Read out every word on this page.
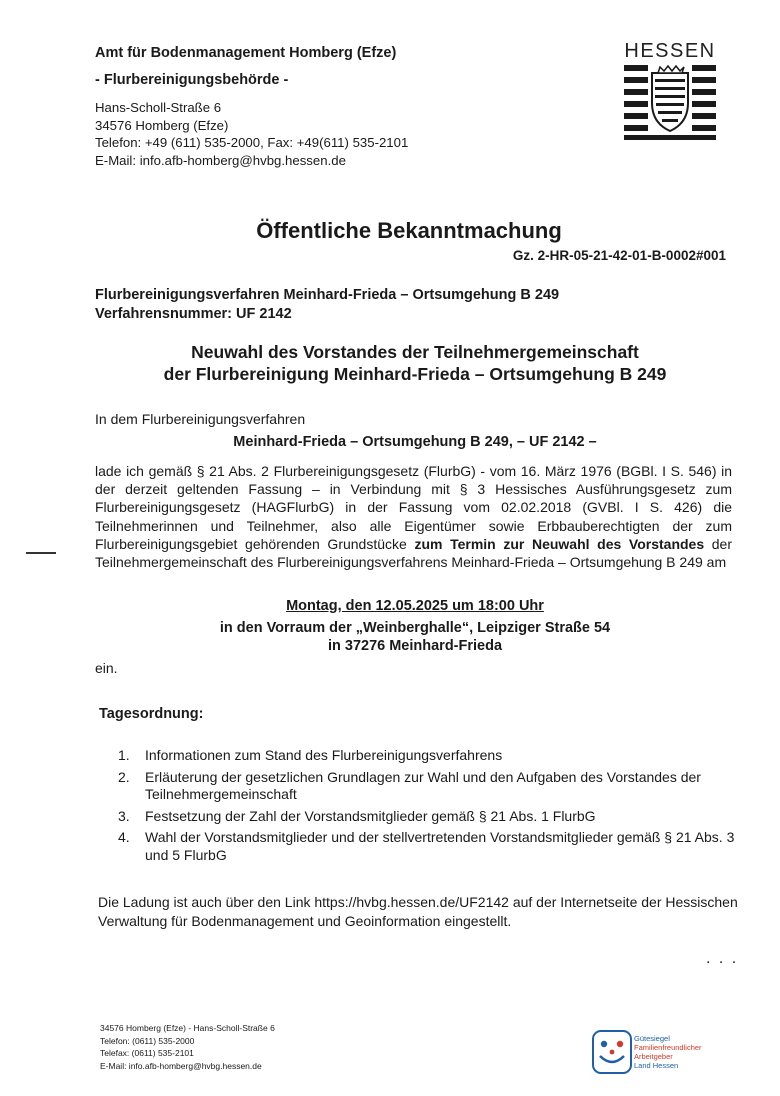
Amt für Bodenmanagement Homberg (Efze)
- Flurbereinigungsbehörde -
Hans-Scholl-Straße 6
34576 Homberg (Efze)
Telefon: +49 (611) 535-2000, Fax: +49(611) 535-2101
E-Mail: info.afb-homberg@hvbg.hessen.de
HESSEN
Öffentliche Bekanntmachung
Gz. 2-HR-05-21-42-01-B-0002#001
Flurbereinigungsverfahren Meinhard-Frieda – Ortsumgehung B 249
Verfahrensnummer: UF 2142
Neuwahl des Vorstandes der Teilnehmergemeinschaft
der Flurbereinigung Meinhard-Frieda – Ortsumgehung B 249
In dem Flurbereinigungsverfahren
Meinhard-Frieda – Ortsumgehung B 249, – UF 2142 –
lade ich gemäß § 21 Abs. 2 Flurbereinigungsgesetz (FlurbG) - vom 16. März 1976 (BGBl. I S. 546) in der derzeit geltenden Fassung – in Verbindung mit § 3 Hessisches Ausführungsgesetz zum Flurbereinigungsgesetz (HAGFlurbG) in der Fassung vom 02.02.2018 (GVBl. I S. 426) die Teilnehmerinnen und Teilnehmer, also alle Eigentümer sowie Erbbauberechtigten der zum Flurbereinigungsgebiet gehörenden Grundstücke zum Termin zur Neuwahl des Vorstandes der Teilnehmergemeinschaft des Flurbereinigungsverfahrens Meinhard-Frieda – Ortsumgehung B 249 am
Montag, den 12.05.2025 um 18:00 Uhr
in den Vorraum der „Weinberghalle“, Leipziger Straße 54
in 37276 Meinhard-Frieda
ein.
Tagesordnung:
1.	Informationen zum Stand des Flurbereinigungsverfahrens
2.	Erläuterung der gesetzlichen Grundlagen zur Wahl und den Aufgaben des Vorstandes der Teilnehmergemeinschaft
3.	Festsetzung der Zahl der Vorstandsmitglieder gemäß § 21 Abs. 1 FlurbG
4.	Wahl der Vorstandsmitglieder und der stellvertretenden Vorstandsmitglieder gemäß § 21 Abs. 3 und 5 FlurbG
Die Ladung ist auch über den Link https://hvbg.hessen.de/UF2142 auf der Internetseite der Hessischen Verwaltung für Bodenmanagement und Geoinformation eingestellt.
. . .
34576 Homberg (Efze) - Hans-Scholl-Straße 6
Telefon: (0611) 535-2000
Telefax: (0611) 535-2101
E-Mail: info.afb-homberg@hvbg.hessen.de
Gütesiegel
Familienfreundlicher
Arbeitgeber
Land Hessen
